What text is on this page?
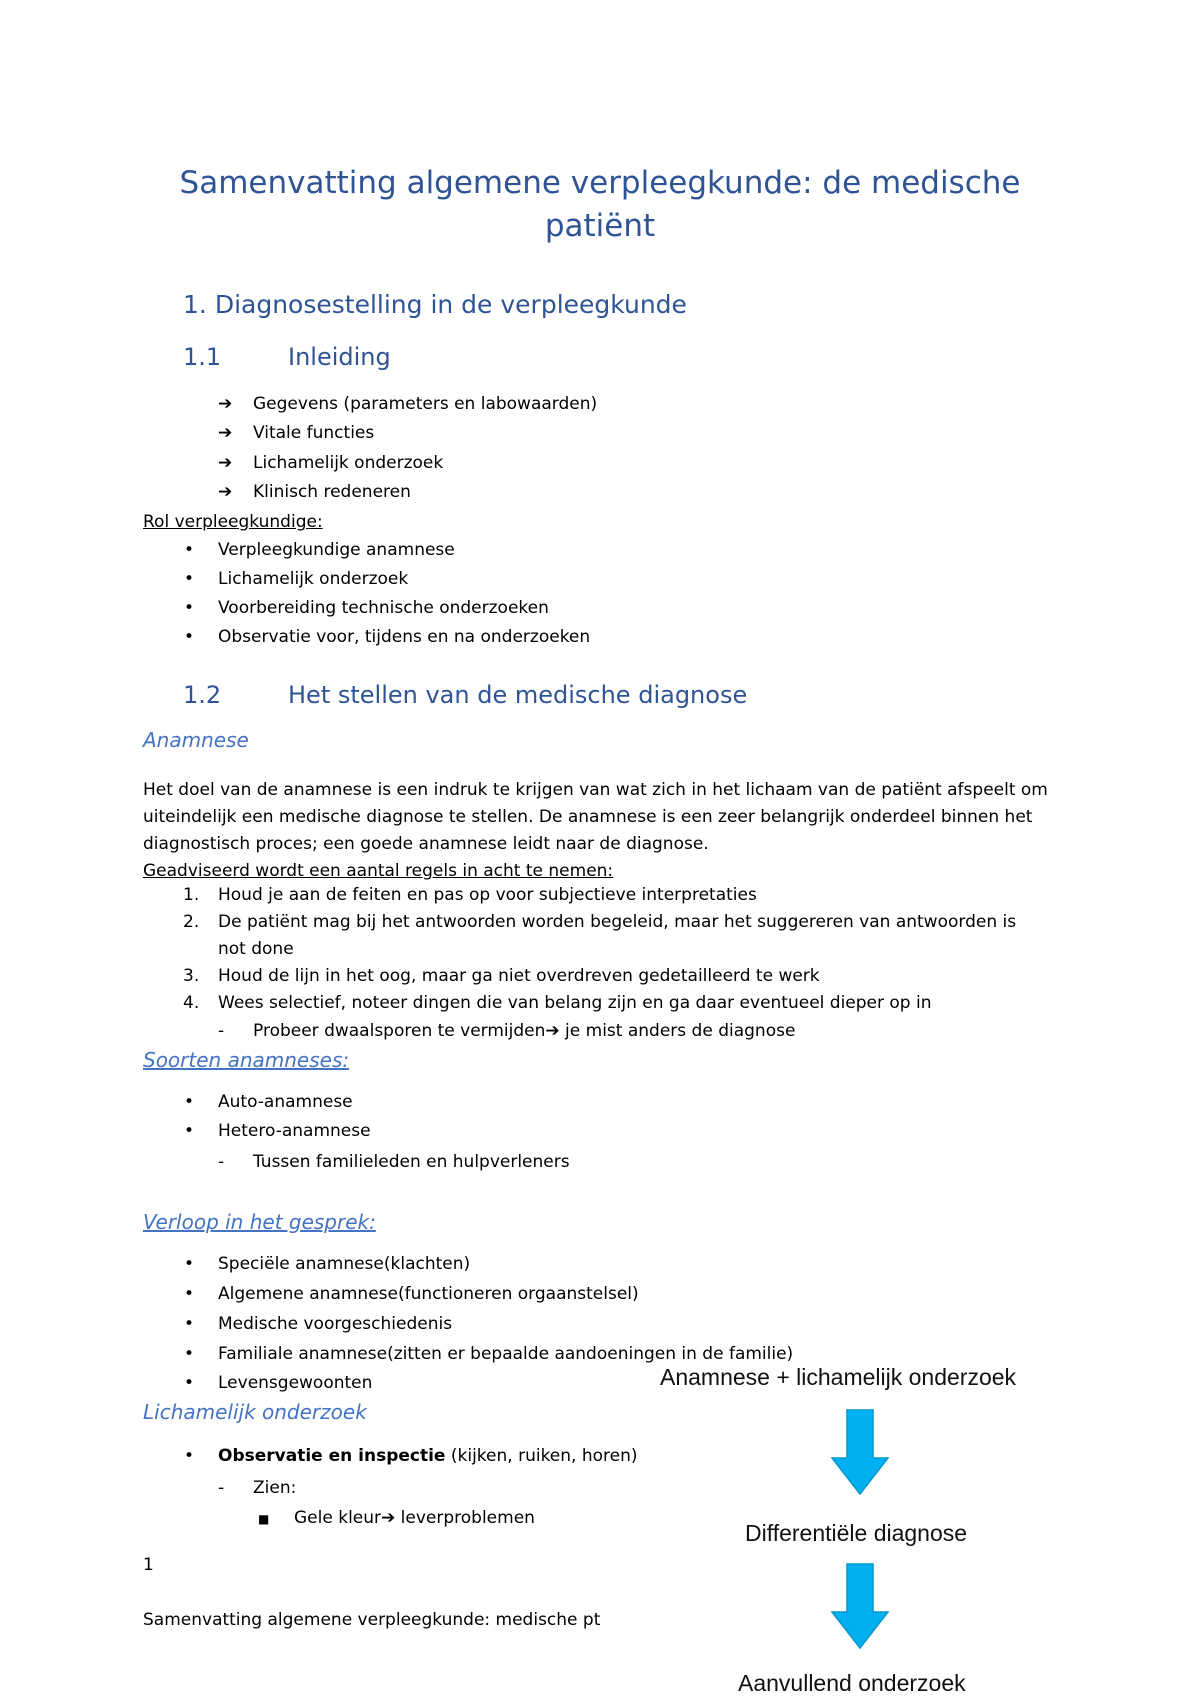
Samenvatting algemene verpleegkunde: de medische patiënt
1. Diagnosestelling in de verpleegkunde
1.1	Inleiding
➔ Gegevens (parameters en labowaarden)
➔ Vitale functies
➔ Lichamelijk onderzoek
➔ Klinisch redeneren
Rol verpleegkundige:
• Verpleegkundige anamnese
• Lichamelijk onderzoek
• Voorbereiding technische onderzoeken
• Observatie voor, tijdens en na onderzoeken
1.2	Het stellen van de medische diagnose
Anamnese
Het doel van de anamnese is een indruk te krijgen van wat zich in het lichaam van de patiënt afspeelt om uiteindelijk een medische diagnose te stellen. De anamnese is een zeer belangrijk onderdeel binnen het diagnostisch proces; een goede anamnese leidt naar de diagnose.
Geadviseerd wordt een aantal regels in acht te nemen:
1. Houd je aan de feiten en pas op voor subjectieve interpretaties
2. De patiënt mag bij het antwoorden worden begeleid, maar het suggereren van antwoorden is
not done
3. Houd de lijn in het oog, maar ga niet overdreven gedetailleerd te werk
4. Wees selectief, noteer dingen die van belang zijn en ga daar eventueel dieper op in
- Probeer dwaalsporen te vermijden➔ je mist anders de diagnose
Soorten anamneses:
• Auto-anamnese
• Hetero-anamnese
- Tussen familieleden en hulpverleners
Verloop in het gesprek:
• Speciële anamnese(klachten)
• Algemene anamnese(functioneren orgaanstelsel)
• Medische voorgeschiedenis
• Familiale anamnese(zitten er bepaalde aandoeningen in de familie)
• Levensgewoonten
Lichamelijk onderzoek
• Observatie en inspectie (kijken, ruiken, horen)
- Zien:
■ Gele kleur➔ leverproblemen
1
Samenvatting algemene verpleegkunde: medische pt
Anamnese + lichamelijk onderzoek
Differentiële diagnose
Aanvullend onderzoek
